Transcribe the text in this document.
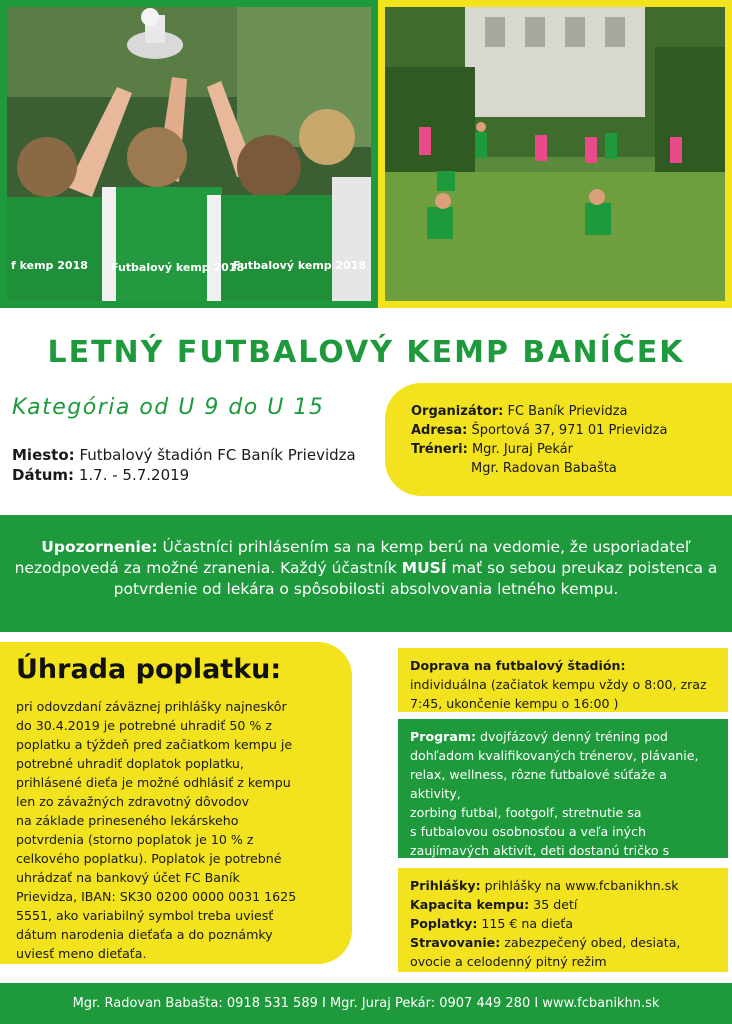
f kemp 2018 Futbalový kemp 2018
Futbalový kemp 2018
LETNÝ FUTBALOVÝ KEMP BANÍČEK
Kategória od U 9 do U 15
Miesto: Futbalový štadión FC Baník Prievidza
Dátum: 1.7. - 5.7.2019
Organizátor: FC Baník Prievidza
Adresa: Športová 37, 971 01 Prievidza
Tréneri: Mgr. Juraj Pekár
Mgr. Radovan Babašta
Upozornenie: Účastníci prihlásením sa na kemp berú na vedomie, že usporiadateľ nezodpovedá za možné zranenia. Každý účastník MUSÍ mať so sebou preukaz poistenca a potvrdenie od lekára o spôsobilosti absolvovania letného kempu.
Úhrada poplatku:
pri odovzdaní záväznej prihlášky najneskôr
do 30.4.2019 je potrebné uhradiť 50 % z
poplatku a týždeň pred začiatkom kempu je
potrebné uhradiť doplatok poplatku,
prihlásené dieťa je možné odhlásiť z kempu
len zo závažných zdravotný dôvodov
na základe prineseného lekárskeho
potvrdenia (storno poplatok je 10 % z
celkového poplatku). Poplatok je potrebné
uhrádzať na bankový účet FC Baník
Prievidza, IBAN: SK30 0200 0000 0031 1625
5551, ako variabilný symbol treba uviesť
dátum narodenia dieťaťa a do poznámky
uviesť meno dieťaťa.
Doprava na futbalový štadión:
individuálna (začiatok kempu vždy o 8:00, zraz 7:45, ukončenie kempu o 16:00 )
Program: dvojfázový denný tréning pod
dohľadom kvalifikovaných trénerov, plávanie,
relax, wellness, rôzne futbalové súťaže a aktivity,
zorbing futbal, footgolf, stretnutie sa
s futbalovou osobnosťou a veľa iných
zaujímavých aktivít, deti dostanú tričko s

Prihlášky: prihlášky na www.fcbanikhn.sk
Kapacita kempu: 35 detí
Poplatky: 115 € na dieťa
Stravovanie: zabezpečený obed, desiata, ovocie a celodenný pitný režim
Mgr. Radovan Babašta: 0918 531 589 I Mgr. Juraj Pekár: 0907 449 280 I www.fcbanikhn.sk
